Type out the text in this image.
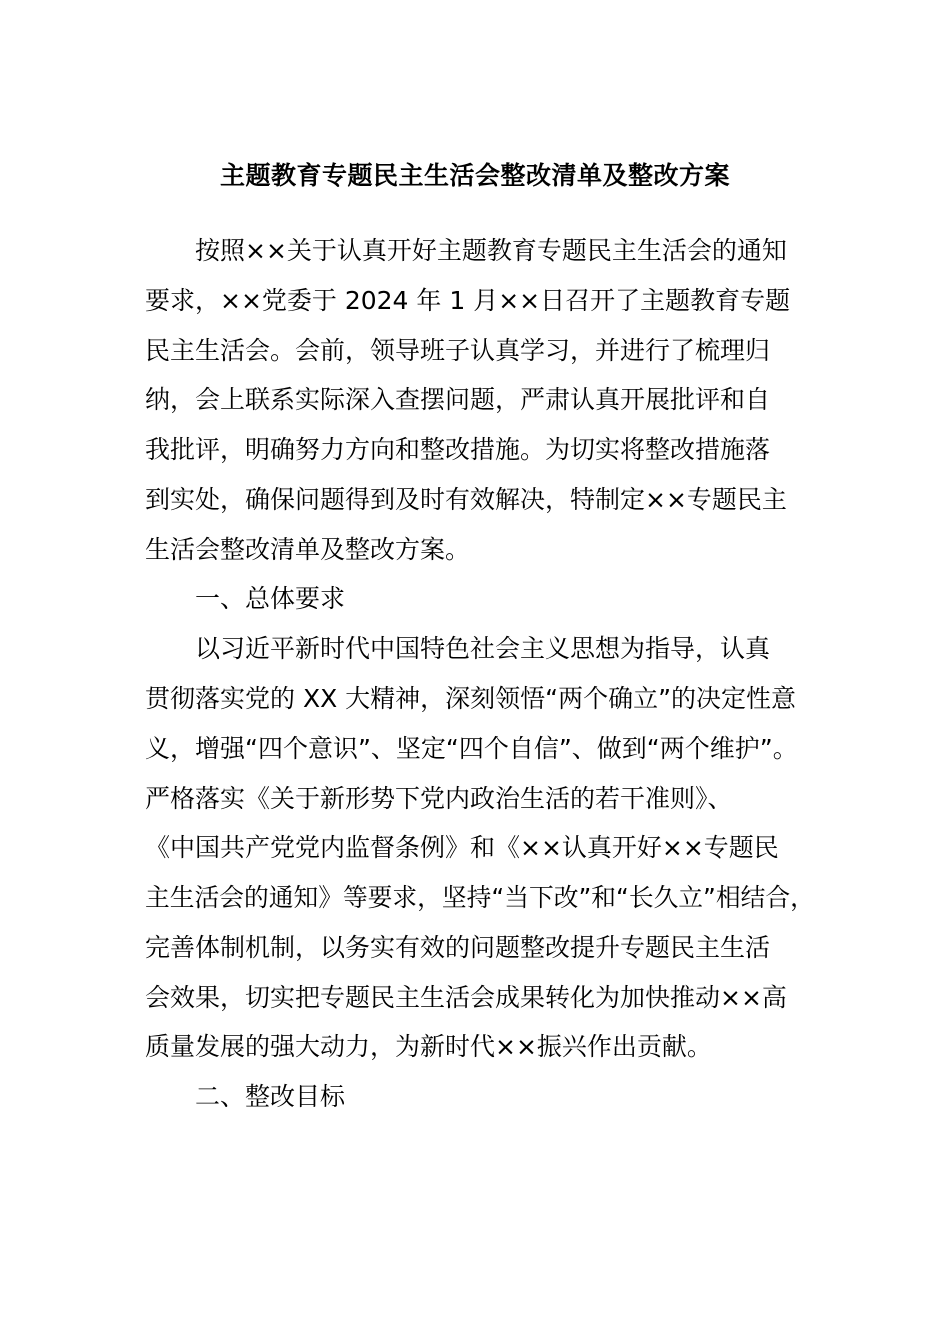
主题教育专题民主生活会整改清单及整改方案
按照××关于认真开好主题教育专题民主生活会的通知
要求，××党委于 2024 年 1 月××日召开了主题教育专题
民主生活会。会前，领导班子认真学习，并进行了梳理归
纳，会上联系实际深入查摆问题，严肃认真开展批评和自
我批评，明确努力方向和整改措施。为切实将整改措施落
到实处，确保问题得到及时有效解决，特制定××专题民主
生活会整改清单及整改方案。
一、总体要求
以习近平新时代中国特色社会主义思想为指导，认真
贯彻落实党的 XX 大精神，深刻领悟“两个确立”的决定性意
义，增强“四个意识”、坚定“四个自信”、做到“两个维护”。
严格落实《关于新形势下党内政治生活的若干准则》、
《中国共产党党内监督条例》和《××认真开好××专题民
主生活会的通知》等要求，坚持“当下改”和“长久立”相结合，
完善体制机制，以务实有效的问题整改提升专题民主生活
会效果，切实把专题民主生活会成果转化为加快推动××高
质量发展的强大动力，为新时代××振兴作出贡献。
二、整改目标
